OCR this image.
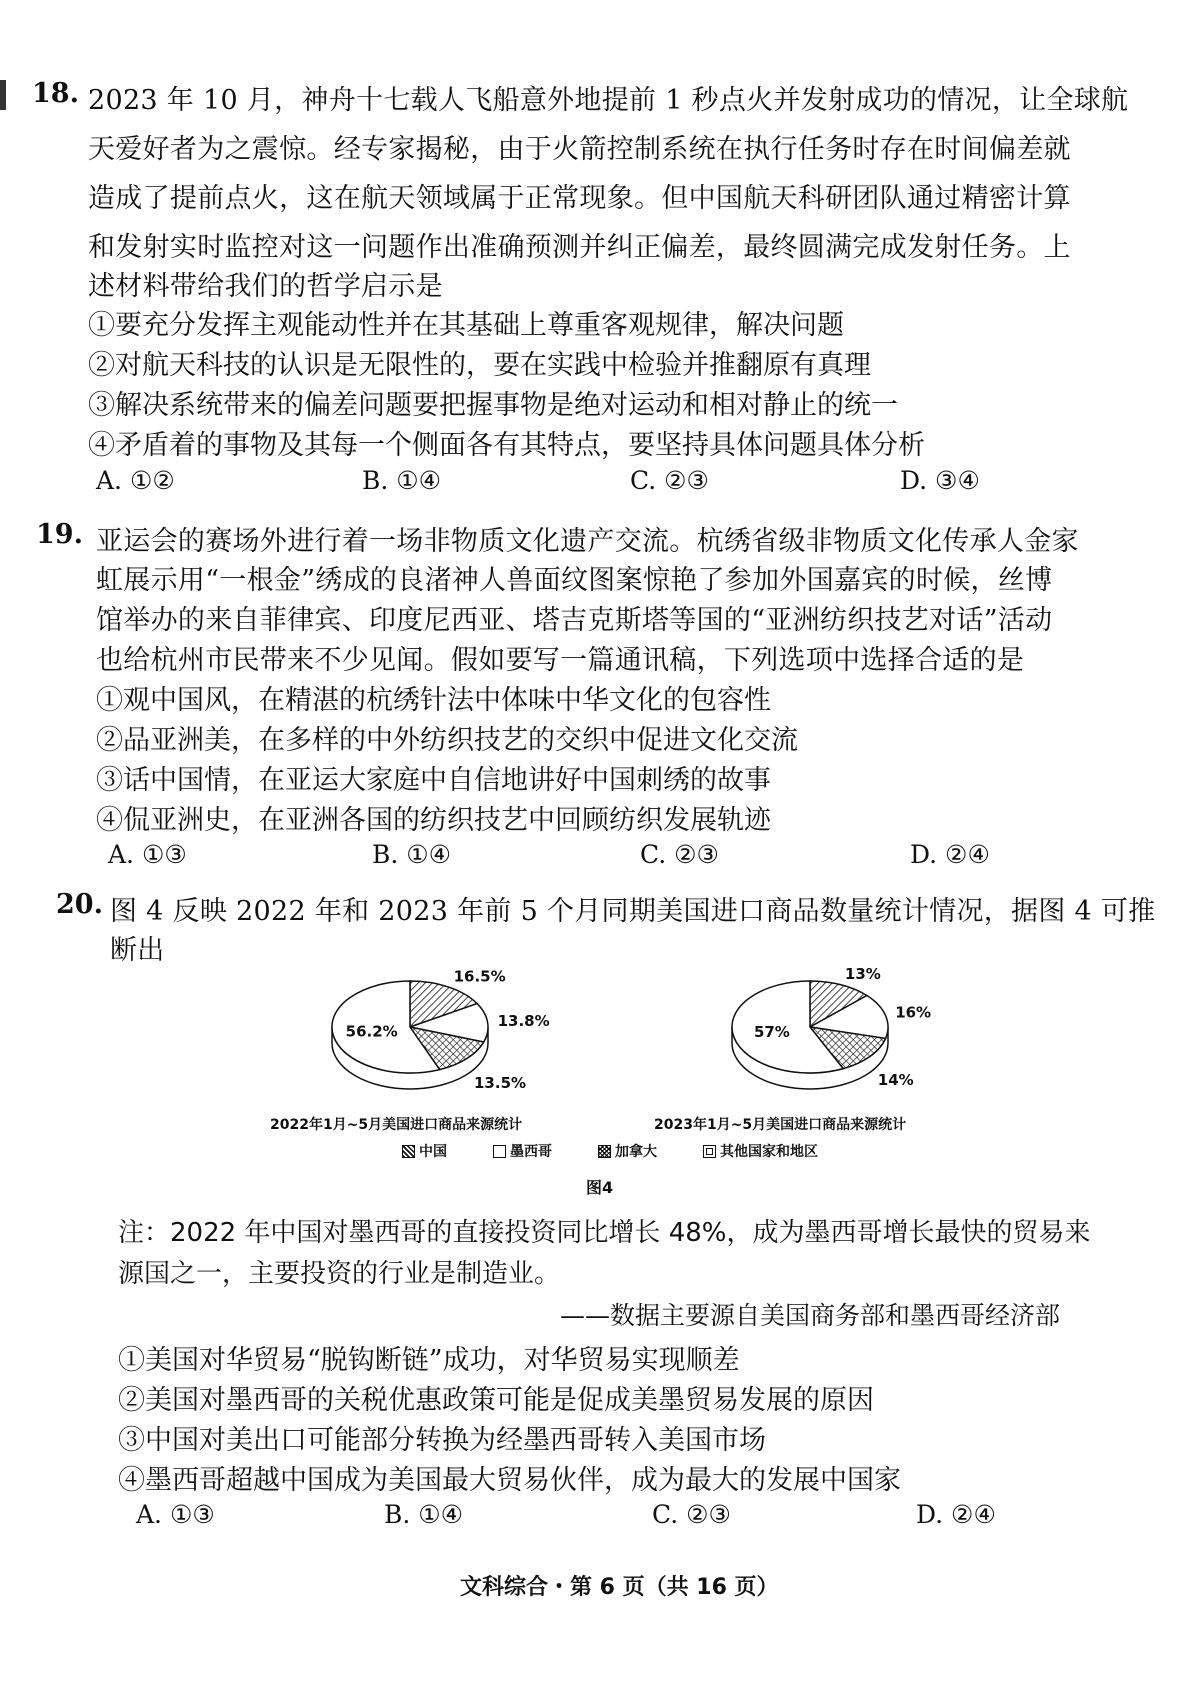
18. 2023 年 10 月，神舟十七载人飞船意外地提前 1 秒点火并发射成功的情况，让全球航
天爱好者为之震惊。经专家揭秘，由于火箭控制系统在执行任务时存在时间偏差就
造成了提前点火，这在航天领域属于正常现象。但中国航天科研团队通过精密计算
和发射实时监控对这一问题作出准确预测并纠正偏差，最终圆满完成发射任务。上
述材料带给我们的哲学启示是
①要充分发挥主观能动性并在其基础上尊重客观规律，解决问题
②对航天科技的认识是无限性的，要在实践中检验并推翻原有真理
③解决系统带来的偏差问题要把握事物是绝对运动和相对静止的统一
④矛盾着的事物及其每一个侧面各有其特点，要坚持具体问题具体分析
A. ①②	B. ①④	C. ②③	D. ③④
19. 亚运会的赛场外进行着一场非物质文化遗产交流。杭绣省级非物质文化传承人金家
虹展示用“一根金”绣成的良渚神人兽面纹图案惊艳了参加外国嘉宾的时候，丝博
馆举办的来自菲律宾、印度尼西亚、塔吉克斯塔等国的“亚洲纺织技艺对话”活动
也给杭州市民带来不少见闻。假如要写一篇通讯稿，下列选项中选择合适的是
①观中国风，在精湛的杭绣针法中体味中华文化的包容性
②品亚洲美，在多样的中外纺织技艺的交织中促进文化交流
③话中国情，在亚运大家庭中自信地讲好中国刺绣的故事
④侃亚洲史，在亚洲各国的纺织技艺中回顾纺织发展轨迹
A. ①③	B. ①④	C. ②③	D. ②④
20. 图 4 反映 2022 年和 2023 年前 5 个月同期美国进口商品数量统计情况，据图 4 可推
断出
16.5%
13.8%
13.5%
56.2%
13%
16%
14%
57%
2022年1月~5月美国进口商品来源统计	2023年1月~5月美国进口商品来源统计
中国	墨西哥	加拿大	其他国家和地区
图4
注：2022 年中国对墨西哥的直接投资同比增长 48%，成为墨西哥增长最快的贸易来
源国之一，主要投资的行业是制造业。
——数据主要源自美国商务部和墨西哥经济部
①美国对华贸易“脱钩断链”成功，对华贸易实现顺差
②美国对墨西哥的关税优惠政策可能是促成美墨贸易发展的原因
③中国对美出口可能部分转换为经墨西哥转入美国市场
④墨西哥超越中国成为美国最大贸易伙伴，成为最大的发展中国家
A. ①③	B. ①④	C. ②③	D. ②④
文科综合・第 6 页（共 16 页）
